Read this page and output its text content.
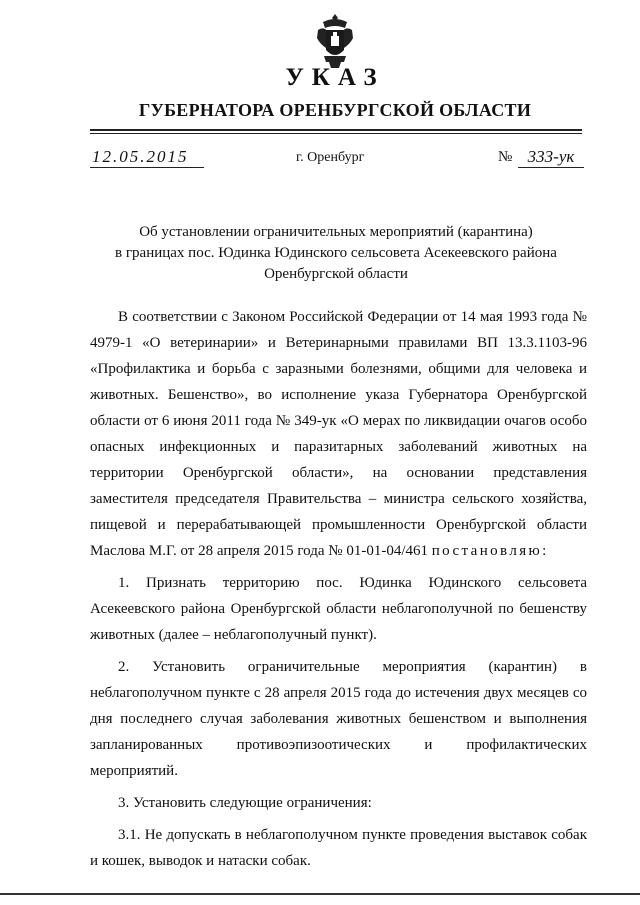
УКАЗ
ГУБЕРНАТОРА ОРЕНБУРГСКОЙ ОБЛАСТИ
12.05.2015	г. Оренбург	№ 333-ук
Об установлении ограничительных мероприятий (карантина)
в границах пос. Юдинка Юдинского сельсовета Асекеевского района
Оренбургской области

В соответствии с Законом Российской Федерации от 14 мая 1993 года № 4979-1 «О ветеринарии» и Ветеринарными правилами ВП 13.3.1103-96 «Профилактика и борьба с заразными болезнями, общими для человека и животных. Бешенство», во исполнение указа Губернатора Оренбургской области от 6 июня 2011 года № 349-ук «О мерах по ликвидации очагов особо опасных инфекционных и паразитарных заболеваний животных на территории Оренбургской области», на основании представления заместителя председателя Правительства – министра сельского хозяйства, пищевой и перерабатывающей промышленности Оренбургской области Маслова М.Г. от 28 апреля 2015 года № 01-01-04/461 постановляю:

1. Признать территорию пос. Юдинка Юдинского сельсовета Асекеевского района Оренбургской области неблагополучной по бешенству животных (далее – неблагополучный пункт).

2. Установить ограничительные мероприятия (карантин) в неблагополучном пункте с 28 апреля 2015 года до истечения двух месяцев со дня последнего случая заболевания животных бешенством и выполнения запланированных противоэпизоотических и профилактических мероприятий.

3. Установить следующие ограничения:

3.1. Не допускать в неблагополучном пункте проведения выставок собак и кошек, выводок и натаски собак.
